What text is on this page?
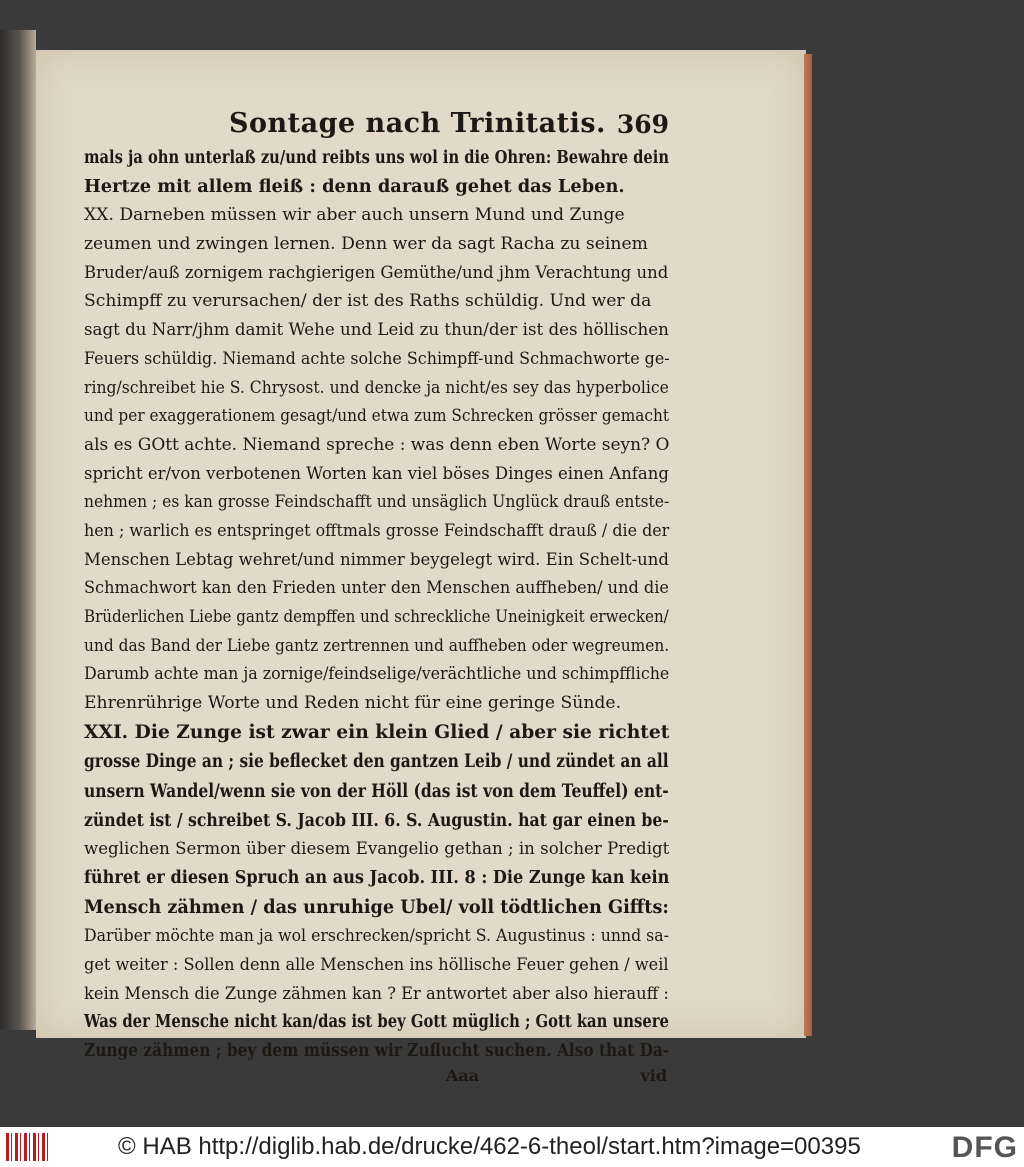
Sontage nach Trinitatis. 369
mals ja ohn unterlaß zu/und reibts uns wol in die Ohren: Bewahre dein
Hertze mit allem fleiß : denn darauß gehet das Leben.
XX. Darneben müssen wir aber auch unsern Mund und Zunge
zeumen und zwingen lernen. Denn wer da sagt Racha zu seinem
Bruder/auß zornigem rachgierigen Gemüthe/und jhm Verachtung und
Schimpff zu verursachen/ der ist des Raths schüldig. Und wer da
sagt du Narr/jhm damit Wehe und Leid zu thun/der ist des höllischen
Feuers schüldig. Niemand achte solche Schimpff-und Schmachworte ge-
ring/schreibet hie S. Chrysost. und dencke ja nicht/es sey das hyperbolice
und per exaggerationem gesagt/und etwa zum Schrecken grösser gemacht
als es GOtt achte. Niemand spreche : was denn eben Worte seyn? O
spricht er/von verbotenen Worten kan viel böses Dinges einen Anfang
nehmen ; es kan grosse Feindschafft und unsäglich Unglück drauß entste-
hen ; warlich es entspringet offtmals grosse Feindschafft drauß / die der
Menschen Lebtag wehret/und nimmer beygelegt wird. Ein Schelt-und
Schmachwort kan den Frieden unter den Menschen auffheben/ und die
Brüderlichen Liebe gantz dempffen und schreckliche Uneinigkeit erwecken/
und das Band der Liebe gantz zertrennen und auffheben oder wegreumen.
Darumb achte man ja zornige/feindselige/verächtliche und schimpffliche
Ehrenrührige Worte und Reden nicht für eine geringe Sünde.
XXI. Die Zunge ist zwar ein klein Glied / aber sie richtet
grosse Dinge an ; sie beflecket den gantzen Leib / und zündet an all
unsern Wandel/wenn sie von der Höll (das ist von dem Teuffel) ent-
zündet ist / schreibet S. Jacob III. 6. S. Augustin. hat gar einen be-
weglichen Sermon über diesem Evangelio gethan ; in solcher Predigt
führet er diesen Spruch an aus Jacob. III. 8 : Die Zunge kan kein
Mensch zähmen / das unruhige Ubel/ voll tödtlichen Giffts:
Darüber möchte man ja wol erschrecken/spricht S. Augustinus : unnd sa-
get weiter : Sollen denn alle Menschen ins höllische Feuer gehen / weil
kein Mensch die Zunge zähmen kan ? Er antwortet aber also hierauff :
Was der Mensche nicht kan/das ist bey Gott müglich ; Gott kan unsere
Zunge zähmen ; bey dem müssen wir Zuflucht suchen. Also that Da-
Aaa	vid
© HAB http://diglib.hab.de/drucke/462-6-theol/start.htm?image=00395	DFG
